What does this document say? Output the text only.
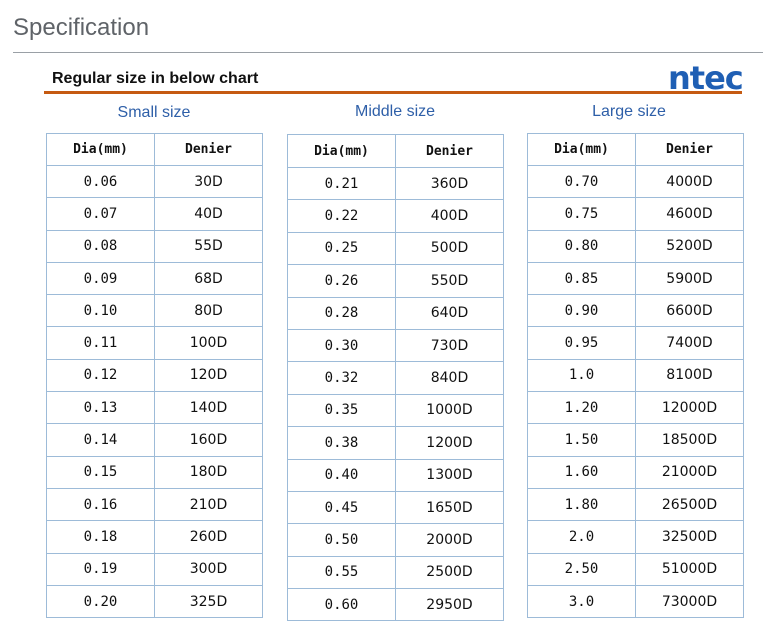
Specification
Regular size in below chart	ntec
Small size	Middle size	Large size
Dia(mm)	Denier
0.06	30D
0.07	40D
0.08	55D
0.09	68D
0.10	80D
0.11	100D
0.12	120D
0.13	140D
0.14	160D
0.15	180D
0.16	210D
0.18	260D
0.19	300D
0.20	325D
Dia(mm)	Denier
0.21	360D
0.22	400D
0.25	500D
0.26	550D
0.28	640D
0.30	730D
0.32	840D
0.35	1000D
0.38	1200D
0.40	1300D
0.45	1650D
0.50	2000D
0.55	2500D
0.60	2950D
Dia(mm)	Denier
0.70	4000D
0.75	4600D
0.80	5200D
0.85	5900D
0.90	6600D
0.95	7400D
1.0	8100D
1.20	12000D
1.50	18500D
1.60	21000D
1.80	26500D
2.0	32500D
2.50	51000D
3.0	73000D
